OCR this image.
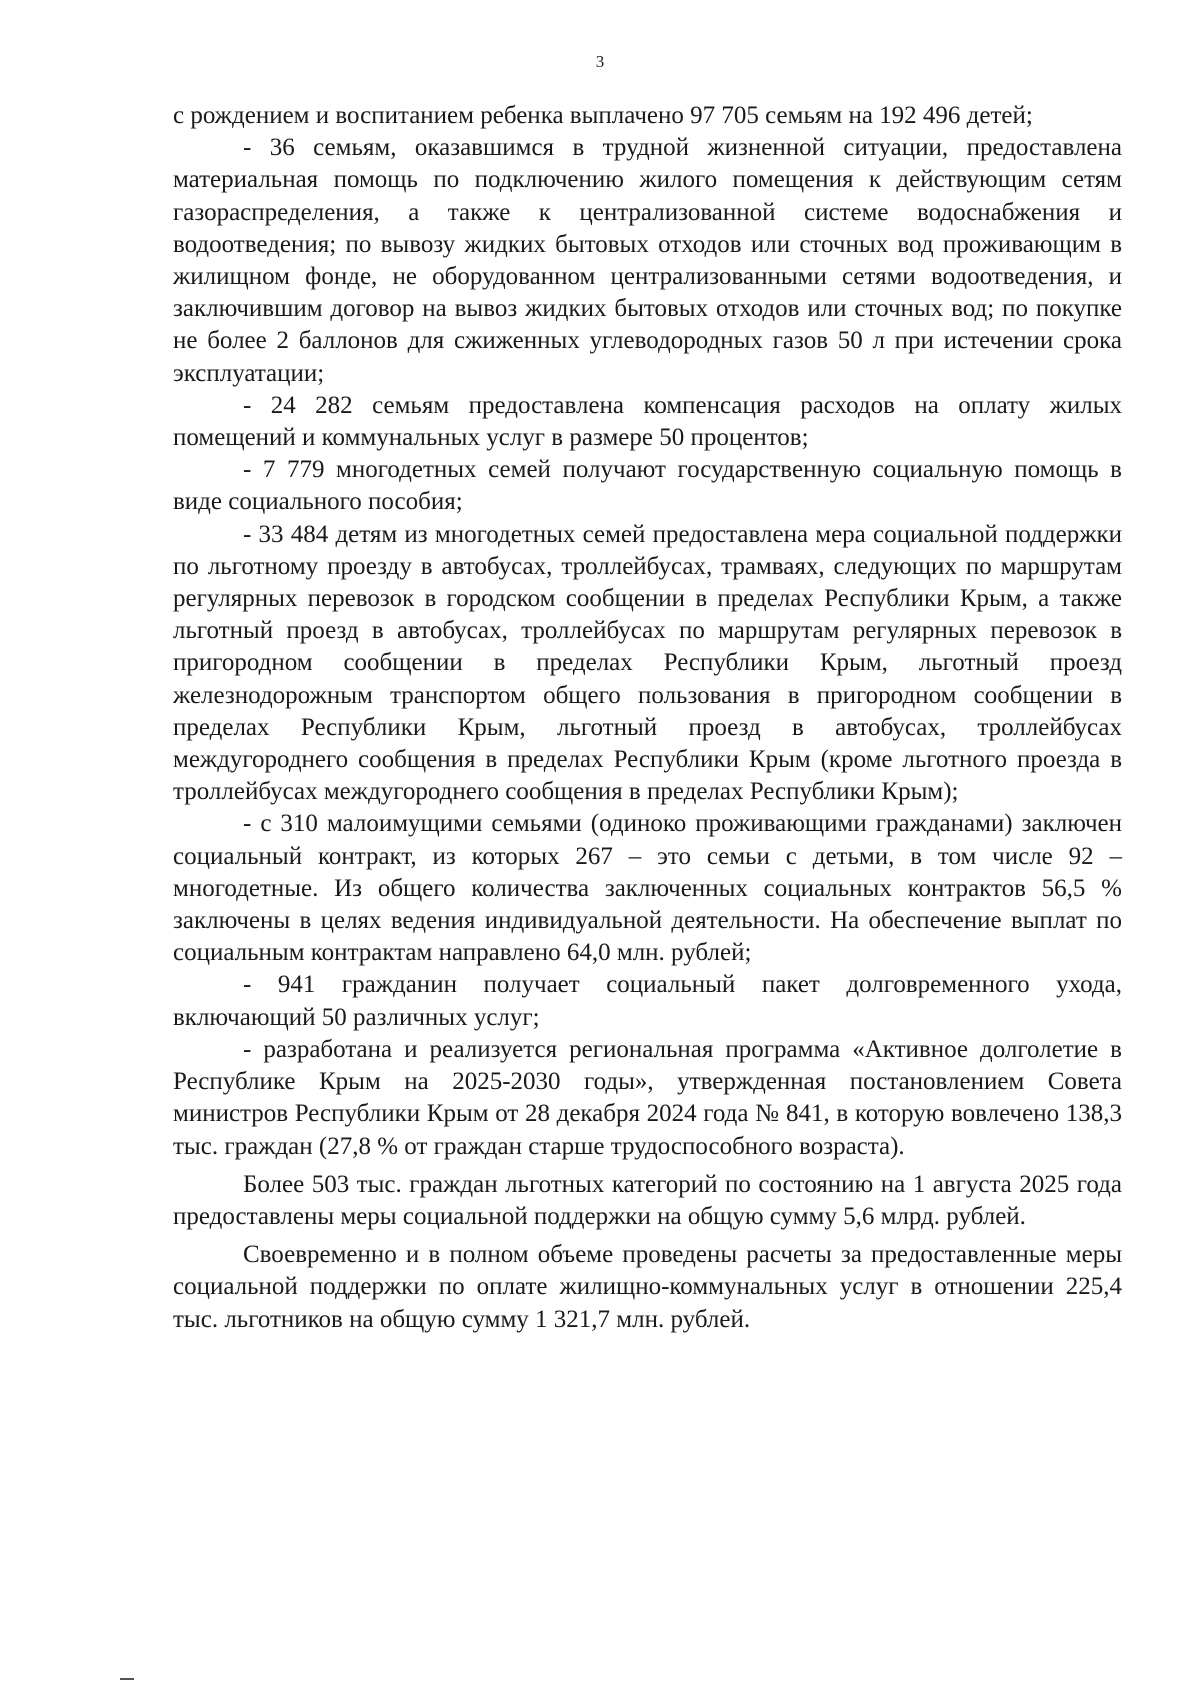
3

с рождением и воспитанием ребенка выплачено 97 705 семьям на 192 496 детей;

- 36 семьям, оказавшимся в трудной жизненной ситуации, предоставлена материальная помощь по подключению жилого помещения к действующим сетям газораспределения, а также к централизованной системе водоснабжения и водоотведения; по вывозу жидких бытовых отходов или сточных вод проживающим в жилищном фонде, не оборудованном централизованными сетями водоотведения, и заключившим договор на вывоз жидких бытовых отходов или сточных вод; по покупке не более 2 баллонов для сжиженных углеводородных газов 50 л при истечении срока эксплуатации;

- 24 282 семьям предоставлена компенсация расходов на оплату жилых помещений и коммунальных услуг в размере 50 процентов;

- 7 779 многодетных семей получают государственную социальную помощь в виде социального пособия;

- 33 484 детям из многодетных семей предоставлена мера социальной поддержки по льготному проезду в автобусах, троллейбусах, трамваях, следующих по маршрутам регулярных перевозок в городском сообщении в пределах Республики Крым, а также льготный проезд в автобусах, троллейбусах по маршрутам регулярных перевозок в пригородном сообщении в пределах Республики Крым, льготный проезд железнодорожным транспортом общего пользования в пригородном сообщении в пределах Республики Крым, льготный проезд в автобусах, троллейбусах междугороднего сообщения в пределах Республики Крым (кроме льготного проезда в троллейбусах междугороднего сообщения в пределах Республики Крым);

- с 310 малоимущими семьями (одиноко проживающими гражданами) заключен социальный контракт, из которых 267 – это семьи с детьми, в том числе 92 – многодетные. Из общего количества заключенных социальных контрактов 56,5 % заключены в целях ведения индивидуальной деятельности. На обеспечение выплат по социальным контрактам направлено 64,0 млн. рублей;

- 941 гражданин получает социальный пакет долговременного ухода, включающий 50 различных услуг;

- разработана и реализуется региональная программа «Активное долголетие в Республике Крым на 2025-2030 годы», утвержденная постановлением Совета министров Республики Крым от 28 декабря 2024 года № 841, в которую вовлечено 138,3 тыс. граждан (27,8 % от граждан старше трудоспособного возраста).

Более 503 тыс. граждан льготных категорий по состоянию на 1 августа 2025 года предоставлены меры социальной поддержки на общую сумму 5,6 млрд. рублей.

Своевременно и в полном объеме проведены расчеты за предоставленные меры социальной поддержки по оплате жилищно-коммунальных услуг в отношении 225,4 тыс. льготников на общую сумму 1 321,7 млн. рублей.
